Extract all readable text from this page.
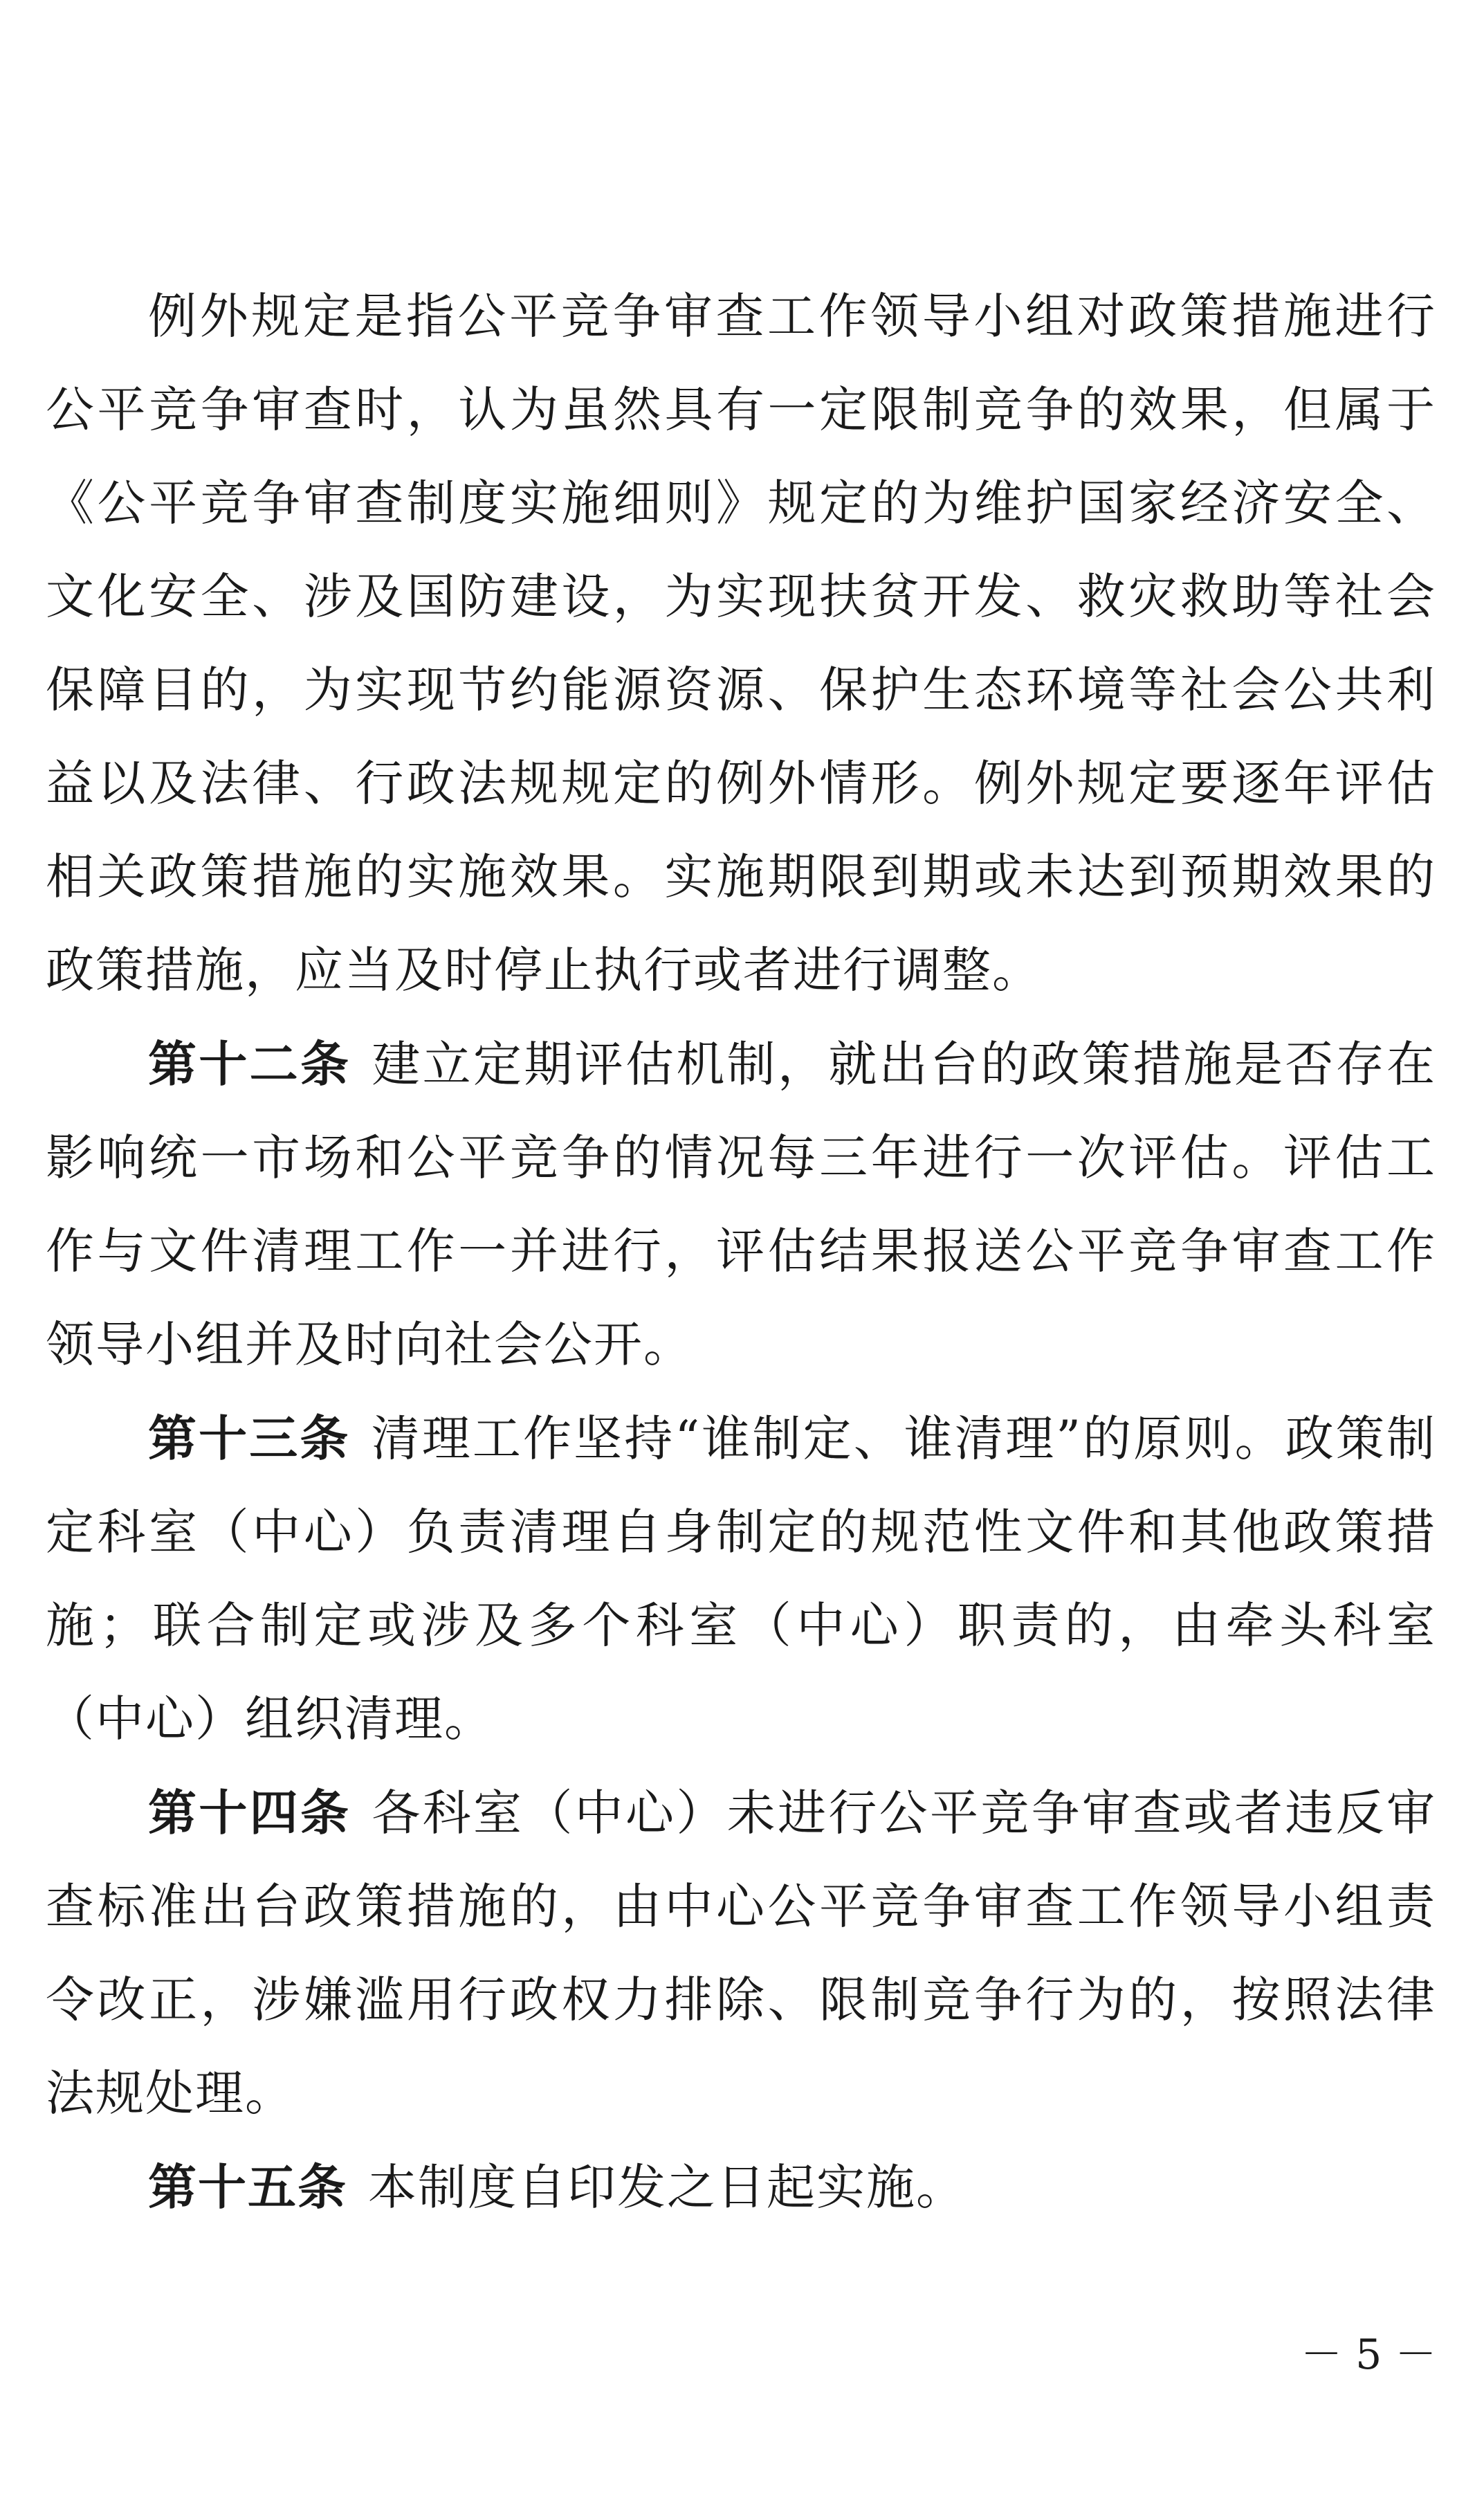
例外规定是指公平竞争审查工作领导小组对政策措施进行公平竞争审查时，认为虽然具有一定限制竞争的效果，但属于《公平竞争审查制度实施细则》规定的为维护国家经济安全、文化安全、涉及国防建设，为实现扶贫开发、救灾救助等社会保障目的，为实现节约能源资源、保护生态环境等社会公共利益以及法律、行政法规规定的例外情形。例外规定要逐年评估相关政策措施的实施效果。实施期限到期或未达到预期效果的政策措施，应当及时停止执行或者进行调整。

第十二条 建立定期评估机制，就出台的政策措施是否存在影响统一市场和公平竞争的情况每三年进行一次评估。评估工作与文件清理工作一并进行，评估结果报送公平竞争审查工作领导小组并及时向社会公开。

第十三条 清理工作坚持“谁制定、谁清理”的原则。政策制定科室（中心）负责清理自身制定的规范性文件和其他政策措施；联合制定或涉及多个科室（中心）职责的，由牵头科室（中心）组织清理。

第十四条 各科室（中心）未进行公平竞争审查或者违反审查标准出台政策措施的，由中心公平竞争审查工作领导小组责令改正，涉嫌滥用行政权力排除、限制竞争行为的，按照法律法规处理。

第十五条 本制度自印发之日起实施。

－ 5 －
